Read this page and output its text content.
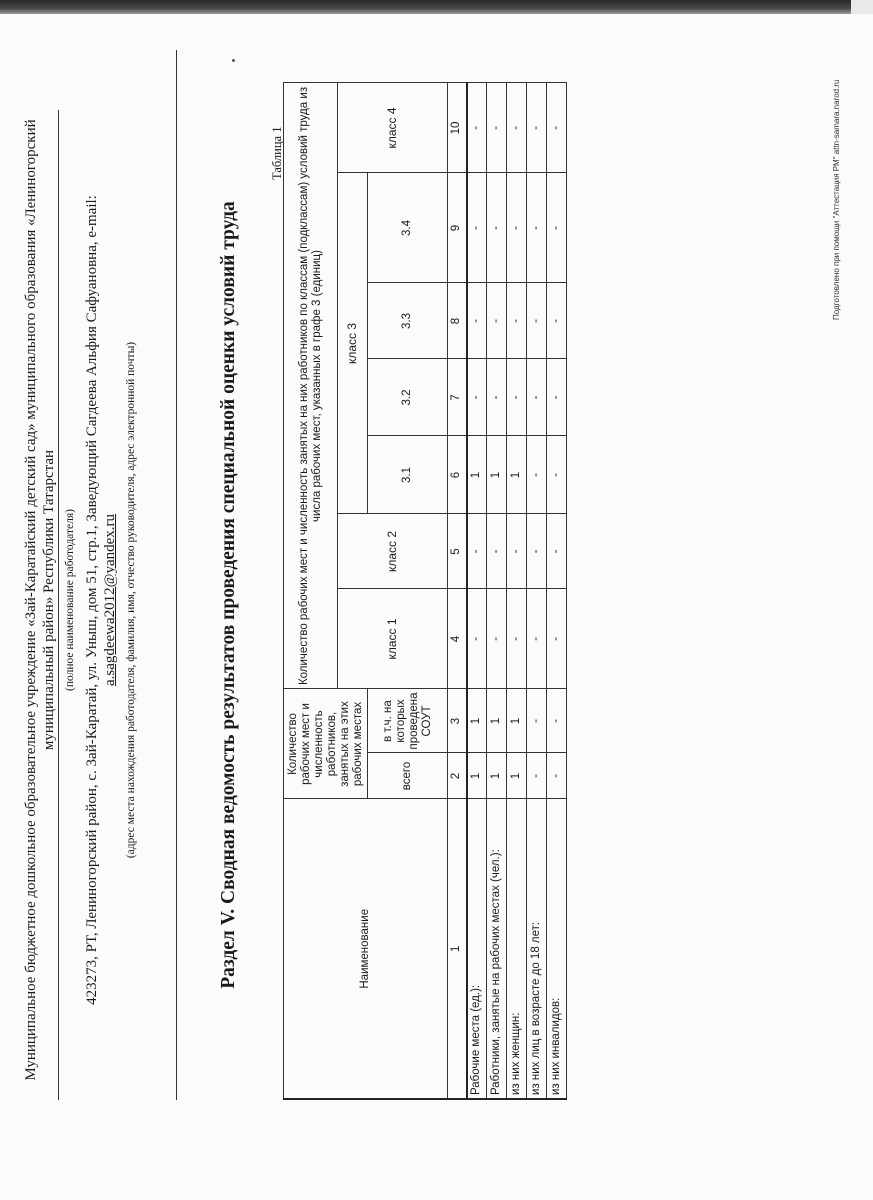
Муниципальное бюджетное дошкольное образовательное учреждение «Зай-Каратайский детский сад» муниципального образования «Лениногорский муниципальный район» Республики Татарстан (полное наименование работодателя) 423273, РТ, Лениногорский район, с. Зай-Каратай, ул. Уныш, дом 51, стр.1, Заведующий Сагдеева Альфия Сафуановна, e-mail: a.sagdeewa2012@yandex.ru (адрес места нахождения работодателя, фамилия, имя, отчество руководителя, адрес электронной почты)	Раздел V. Сводная ведомость результатов проведения специальной оценки условий труда
Таблица 1
Наименование	Количество рабочих мест и численность работников, занятых на этих рабочих местах		Количество рабочих мест и численность занятых на них работников по классам (подклассам) условий труда из числа рабочих мест, указанных в графе 3 (единиц)						
			класс 1	класс 2	класс 3				класс 4
	всего	в т.ч. на которых проведена СОУТ			3.1	3.2	3.3	3.4	
1	2	3	4	5	6	7	8	9	10
Рабочие места (ед.):	1	1	-	-	1	-	-	-	-
Работники, занятые на рабочих местах (чел.):	1	1	-	-	1	-	-	-	-
из них женщин:	1	1	-	-	1	-	-	-	-
из них лиц в возрасте до 18 лет:	-	-	-	-	-	-	-	-	-
из них инвалидов:	-	-	-	-	-	-	-	-	-	Подготовлено при помощи "Аттестация РМ" attn-samara.narod.ru
